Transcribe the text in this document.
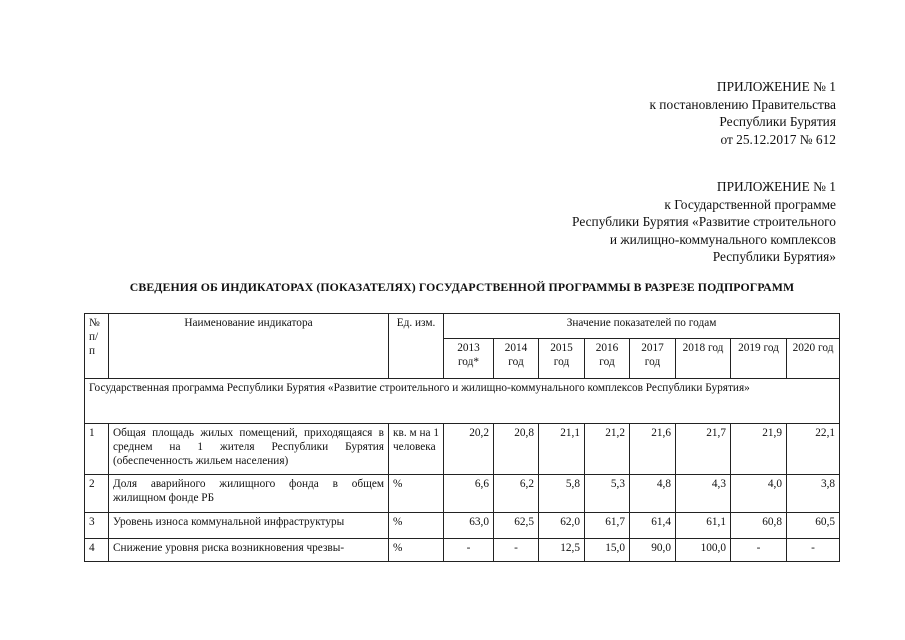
ПРИЛОЖЕНИЕ № 1
к постановлению Правительства
Республики Бурятия
от 25.12.2017 № 612
ПРИЛОЖЕНИЕ № 1
к Государственной программе
Республики Бурятия «Развитие строительного
и жилищно-коммунального комплексов
Республики Бурятия»
СВЕДЕНИЯ ОБ ИНДИКАТОРАХ (ПОКАЗАТЕЛЯХ) ГОСУДАРСТВЕННОЙ ПРОГРАММЫ В РАЗРЕЗЕ ПОДПРОГРАММ
№ п/п	Наименование индикатора	Ед. изм.	Значение показателей по годам							
			2013 год*	2014 год	2015 год	2016 год	2017 год	2018 год	2019 год	2020 год
Государственная программа Республики Бурятия «Развитие строительного и жилищно-коммунального комплексов Республики Бурятия»										
1	Общая площадь жилых помещений, приходящаяся в среднем на 1 жителя Республики Бурятия (обеспеченность жильем населения)	кв. м на 1 человека	20,2	20,8	21,1	21,2	21,6	21,7	21,9	22,1
2	Доля аварийного жилищного фонда в общем жилищном фонде РБ	%	6,6	6,2	5,8	5,3	4,8	4,3	4,0	3,8
3	Уровень износа коммунальной инфраструктуры	%	63,0	62,5	62,0	61,7	61,4	61,1	60,8	60,5
4	Снижение уровня риска возникновения чрезвы-	%	-	-	12,5	15,0	90,0	100,0	-	-
